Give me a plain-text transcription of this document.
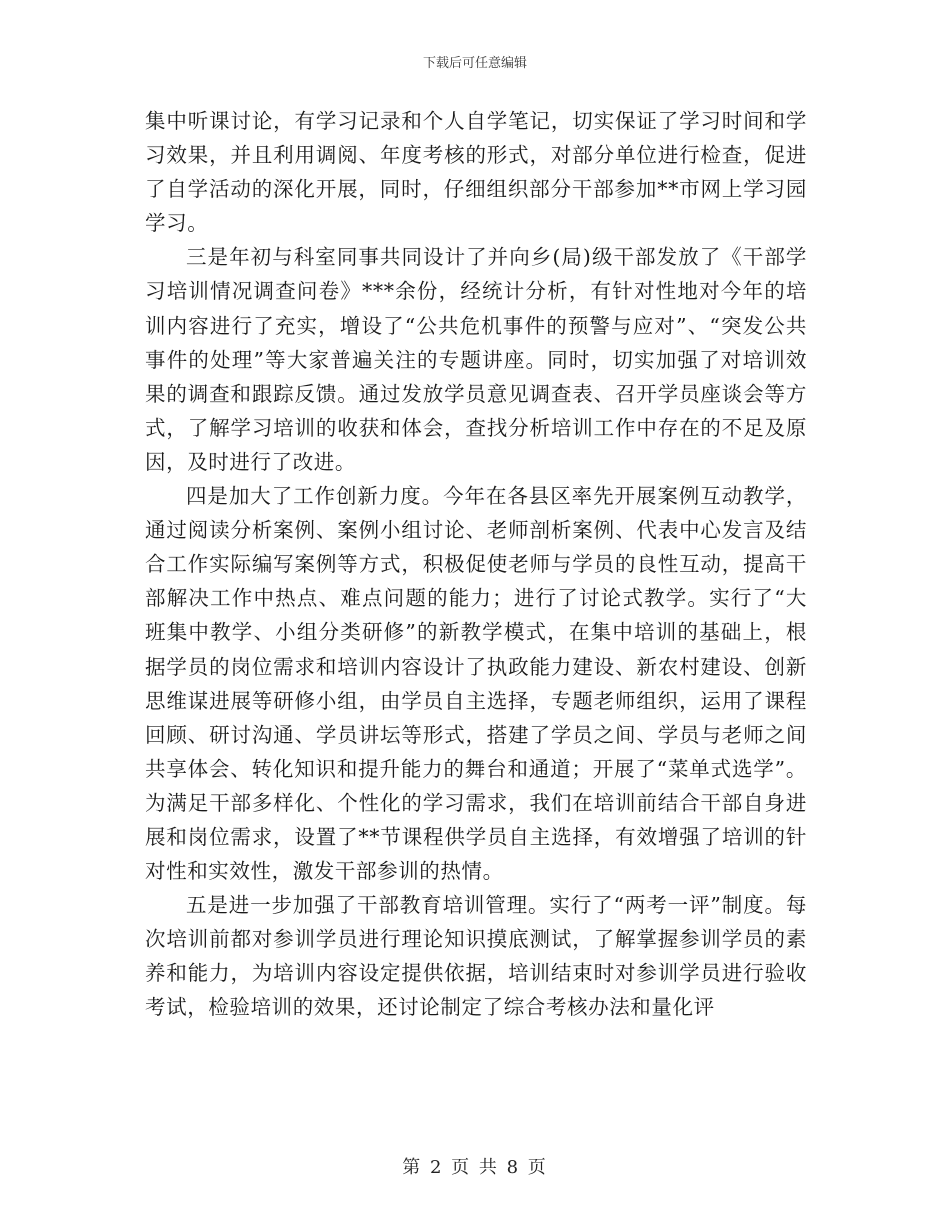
下载后可任意编辑

集中听课讨论，有学习记录和个人自学笔记，切实保证了学习时间和学习效果，并且利用调阅、年度考核的形式，对部分单位进行检查，促进了自学活动的深化开展，同时，仔细组织部分干部参加**市网上学习园学习。

三是年初与科室同事共同设计了并向乡(局)级干部发放了《干部学习培训情况调查问卷》***余份，经统计分析，有针对性地对今年的培训内容进行了充实，增设了“公共危机事件的预警与应对”、“突发公共事件的处理”等大家普遍关注的专题讲座。同时，切实加强了对培训效果的调查和跟踪反馈。通过发放学员意见调查表、召开学员座谈会等方式，了解学习培训的收获和体会，查找分析培训工作中存在的不足及原因，及时进行了改进。

四是加大了工作创新力度。今年在各县区率先开展案例互动教学，通过阅读分析案例、案例小组讨论、老师剖析案例、代表中心发言及结合工作实际编写案例等方式，积极促使老师与学员的良性互动，提高干部解决工作中热点、难点问题的能力；进行了讨论式教学。实行了“大班集中教学、小组分类研修”的新教学模式，在集中培训的基础上，根据学员的岗位需求和培训内容设计了执政能力建设、新农村建设、创新思维谋进展等研修小组，由学员自主选择，专题老师组织，运用了课程回顾、研讨沟通、学员讲坛等形式，搭建了学员之间、学员与老师之间共享体会、转化知识和提升能力的舞台和通道；开展了“菜单式选学”。为满足干部多样化、个性化的学习需求，我们在培训前结合干部自身进展和岗位需求，设置了**节课程供学员自主选择，有效增强了培训的针对性和实效性，激发干部参训的热情。

五是进一步加强了干部教育培训管理。实行了“两考一评”制度。每次培训前都对参训学员进行理论知识摸底测试，了解掌握参训学员的素养和能力，为培训内容设定提供依据，培训结束时对参训学员进行验收考试，检验培训的效果，还讨论制定了综合考核办法和量化评

第 2 页 共 8 页
